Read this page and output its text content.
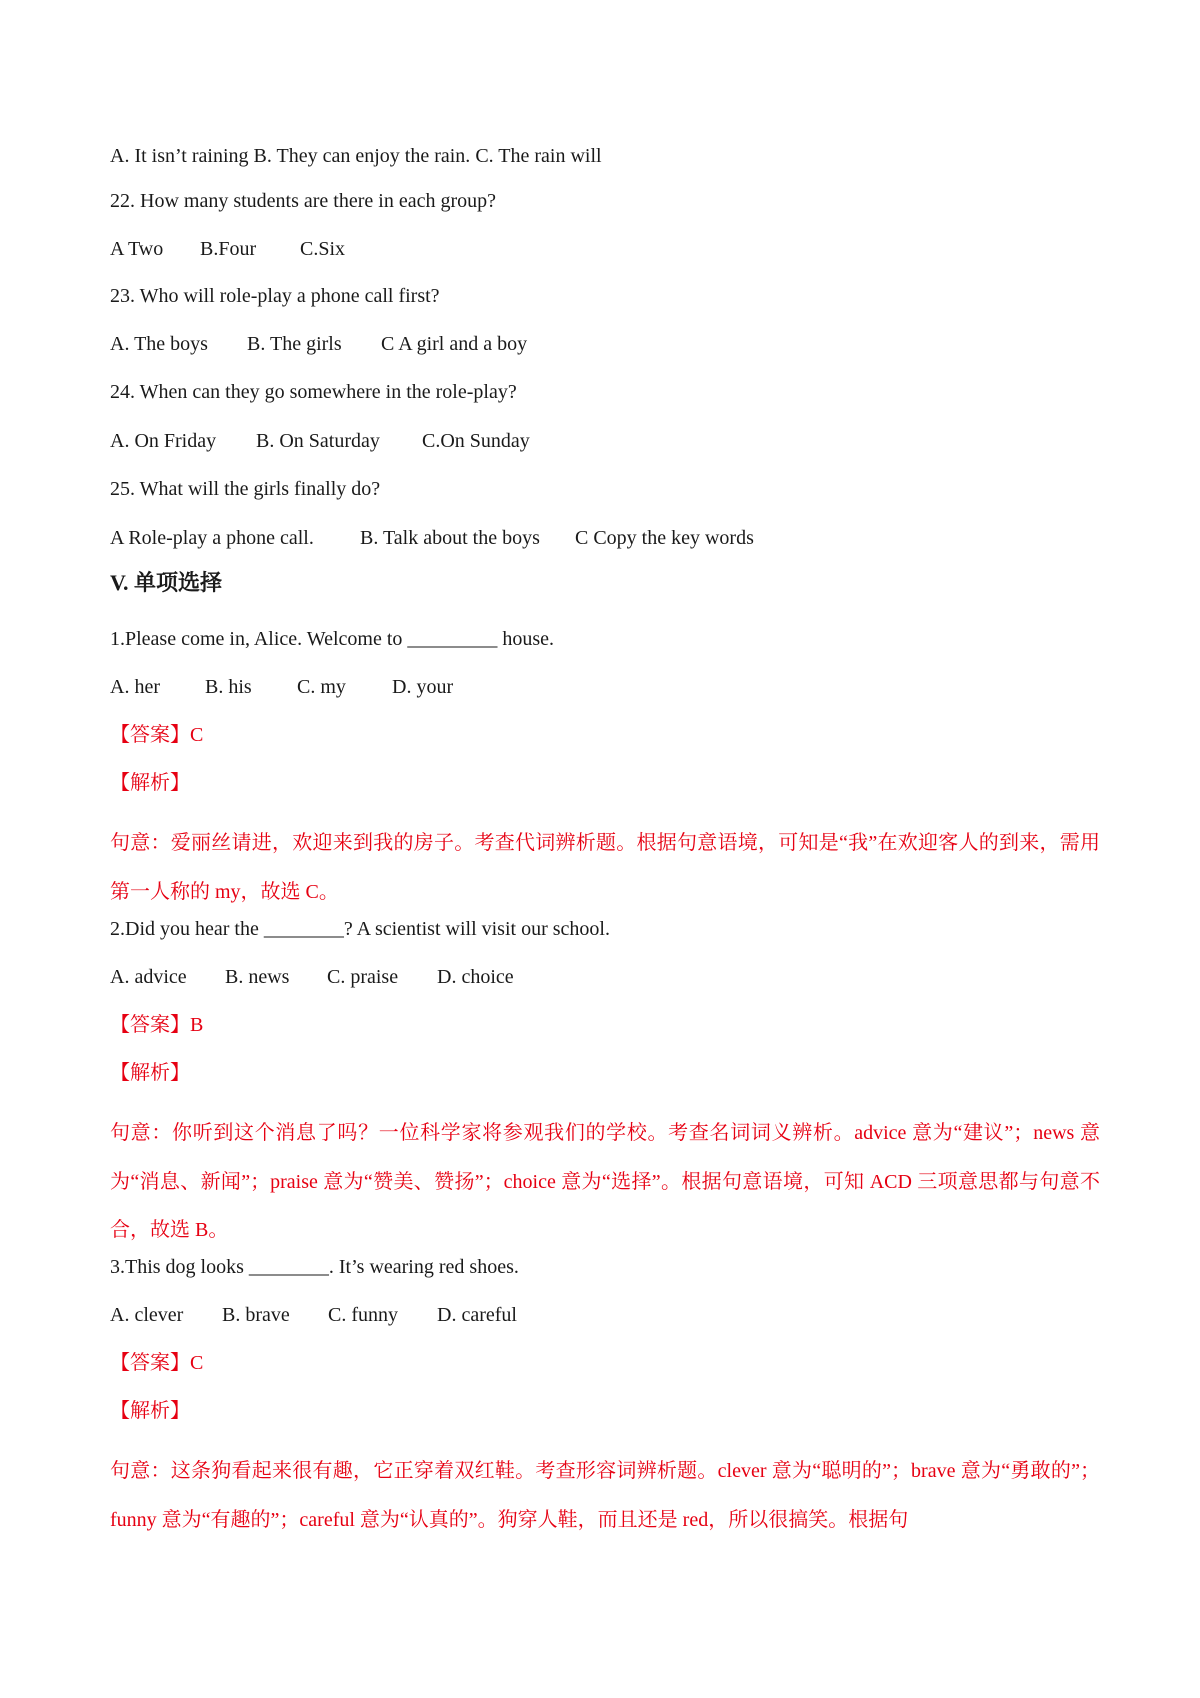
A. It isn’t raining B. They can enjoy the rain. C. The rain will
22. How many students are there in each group?
A Two B.Four C.Six
23. Who will role-play a phone call first?
A. The boys B. The girls C A girl and a boy
24. When can they go somewhere in the role-play?
A. On Friday B. On Saturday C.On Sunday
25. What will the girls finally do?
A Role-play a phone call. B. Talk about the boys C Copy the key words
V. 单项选择
1.Please come in, Alice. Welcome to _________ house.
A. her B. his C. my D. your
【答案】C
【解析】
句意：爱丽丝请进，欢迎来到我的房子。考查代词辨析题。根据句意语境，可知是“我”在欢迎客人的到来，需用第一人称的 my，故选 C。
2.Did you hear the ________? A scientist will visit our school.
A. advice B. news C. praise D. choice
【答案】B
【解析】
句意：你听到这个消息了吗？一位科学家将参观我们的学校。考查名词词义辨析。advice 意为“建议”；news 意为“消息、新闻”；praise 意为“赞美、赞扬”；choice 意为“选择”。根据句意语境，可知 ACD 三项意思都与句意不合，故选 B。
3.This dog looks ________. It’s wearing red shoes.
A. clever B. brave C. funny D. careful
【答案】C
【解析】
句意：这条狗看起来很有趣，它正穿着双红鞋。考查形容词辨析题。clever 意为“聪明的”；brave 意为“勇敢的”；funny 意为“有趣的”；careful 意为“认真的”。狗穿人鞋，而且还是 red，所以很搞笑。根据句
